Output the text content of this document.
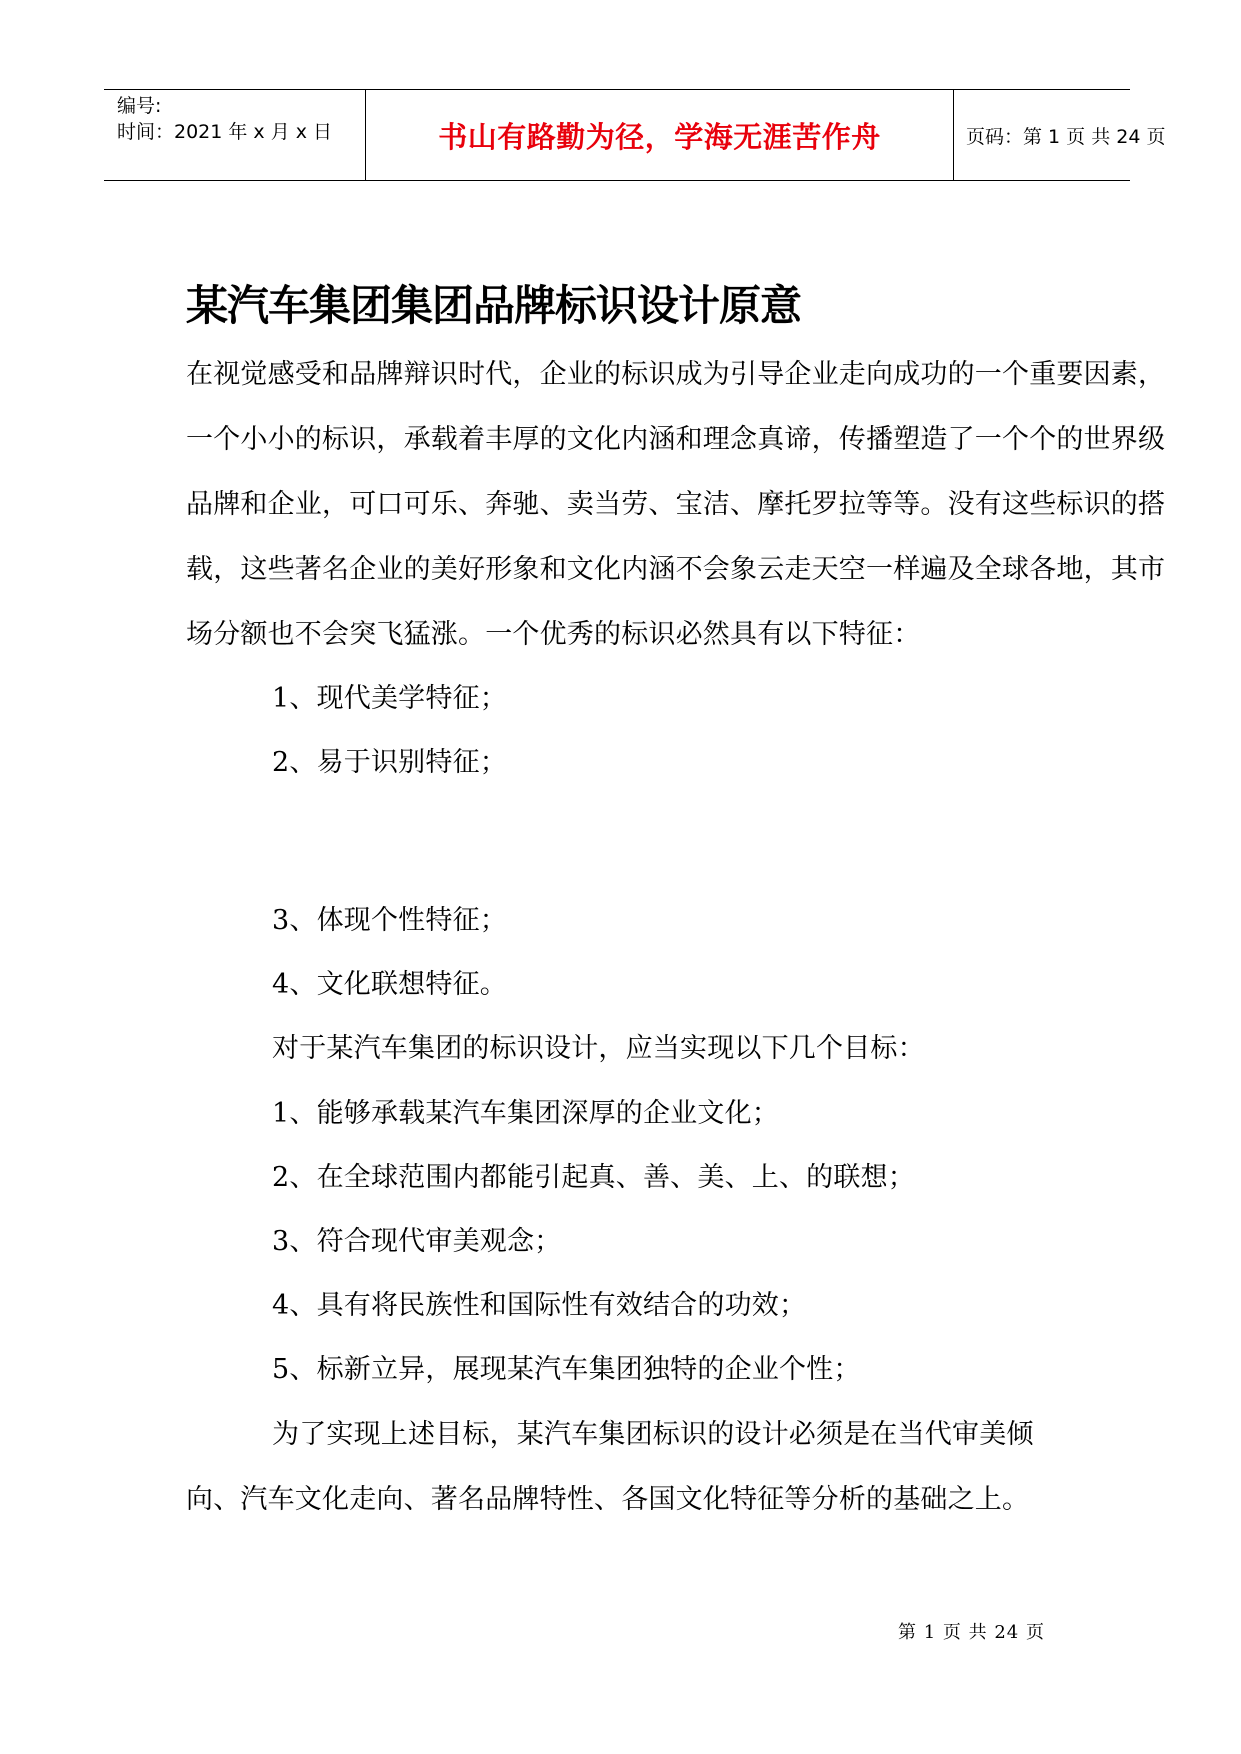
编号:
时间：2021 年 x 月 x 日	书山有路勤为径，学海无涯苦作舟	页码：第 1 页 共 24 页
某汽车集团集团品牌标识设计原意
在视觉感受和品牌辩识时代，企业的标识成为引导企业走向成功的一个重要因素，
一个小小的标识，承载着丰厚的文化内涵和理念真谛，传播塑造了一个个的世界级
品牌和企业，可口可乐、奔驰、卖当劳、宝洁、摩托罗拉等等。没有这些标识的搭
载，这些著名企业的美好形象和文化内涵不会象云走天空一样遍及全球各地，其市
场分额也不会突飞猛涨。一个优秀的标识必然具有以下特征：
1、现代美学特征；
2、易于识别特征；
3、体现个性特征；
4、文化联想特征。
对于某汽车集团的标识设计，应当实现以下几个目标：
1、能够承载某汽车集团深厚的企业文化；
2、在全球范围内都能引起真、善、美、上、的联想；
3、符合现代审美观念；
4、具有将民族性和国际性有效结合的功效；
5、标新立异，展现某汽车集团独特的企业个性；
为了实现上述目标，某汽车集团标识的设计必须是在当代审美倾
向、汽车文化走向、著名品牌特性、各国文化特征等分析的基础之上。
第 1 页 共 24 页
